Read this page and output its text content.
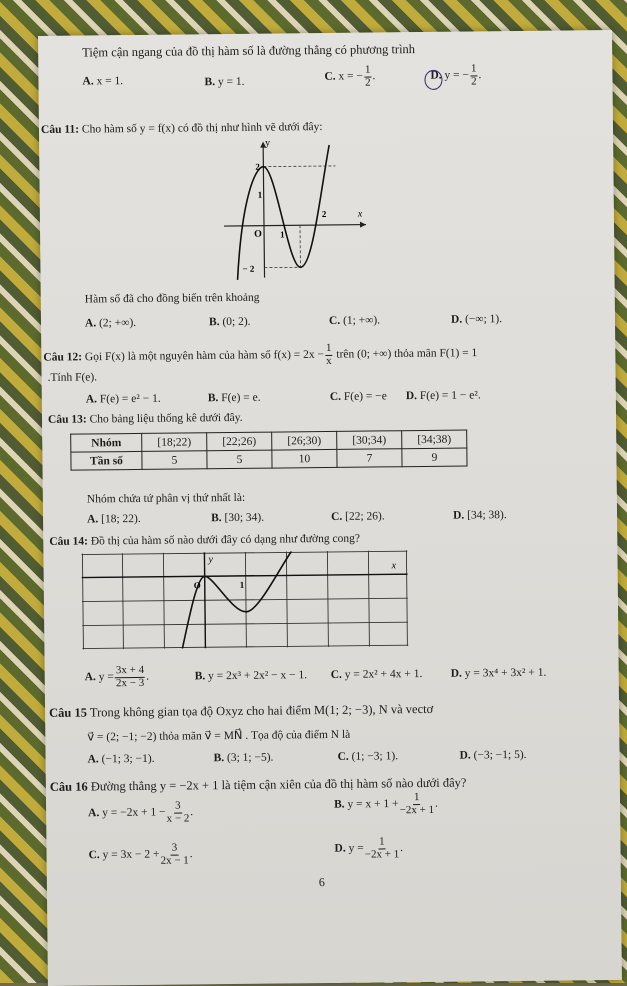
Tiệm cận ngang của đồ thị hàm số là đường thẳng có phương trình
A. x = 1.	B. y = 1.	C. x = − $\frac{1}{2}$ .	D. y = − $\frac{1}{2}$ .
Câu 11: Cho hàm số y = f(x) có đồ thị như hình vẽ dưới đây:
y
x
O
2
1
1
2
− 2
Hàm số đã cho đồng biến trên khoảng
A. (2; +∞).	B. (0; 2).	C. (1; +∞).	D. (−∞; 1).
Câu 12: Gọi F(x) là một nguyên hàm của hàm số $f(x) = 2x - \frac{1}{x}$ trên (0; +∞) thỏa mãn F(1) = 1
.Tính F(e).
A. F(e) = e² − 1.	B. F(e) = e.	C. F(e) = −e D. F(e) = 1 − e².
Câu 13: Cho bảng liệu thống kê dưới đây.
Nhóm	[18;22)	[22;26)	[26;30)	[30;34)	[34;38)
Tần số	5	5	10	7	9
Nhóm chứa tứ phân vị thứ nhất là:
A. [18; 22).	B. [30; 34).	C. [22; 26).	D. [34; 38).
Câu 14: Đồ thị của hàm số nào dưới đây có dạng như đường cong?
y
x
O	1
A. $y = \frac{3x + 4}{2x - 3}$ .	B. y = 2x³ + 2x² − x − 1. C. y = 2x² + 4x + 1. D. y = 3x⁴ + 3x² + 1.
Câu 15 Trong không gian tọa độ Oxyz cho hai điểm M(1; 2; −3), N và vectơ
v⃗ = (2; −1; −2) thỏa mãn v⃗ = MN⃗ . Tọa độ của điểm N là
A. (−1; 3; −1).	B. (3; 1; −5).	C. (1; −3; 1).	D. (−3; −1; 5).
Câu 16 Đường thẳng y = −2x + 1 là tiệm cận xiên của đồ thị hàm số nào dưới đây?
A. $y = -2x + 1 - \frac{3}{x - 2}$ .
B. $y = x + 1 + \frac{1}{-2x + 1}$ .
C. $y = 3x - 2 + \frac{3}{2x - 1}$ .	D. $y = \frac{1}{-2x + 1}$ .
6
